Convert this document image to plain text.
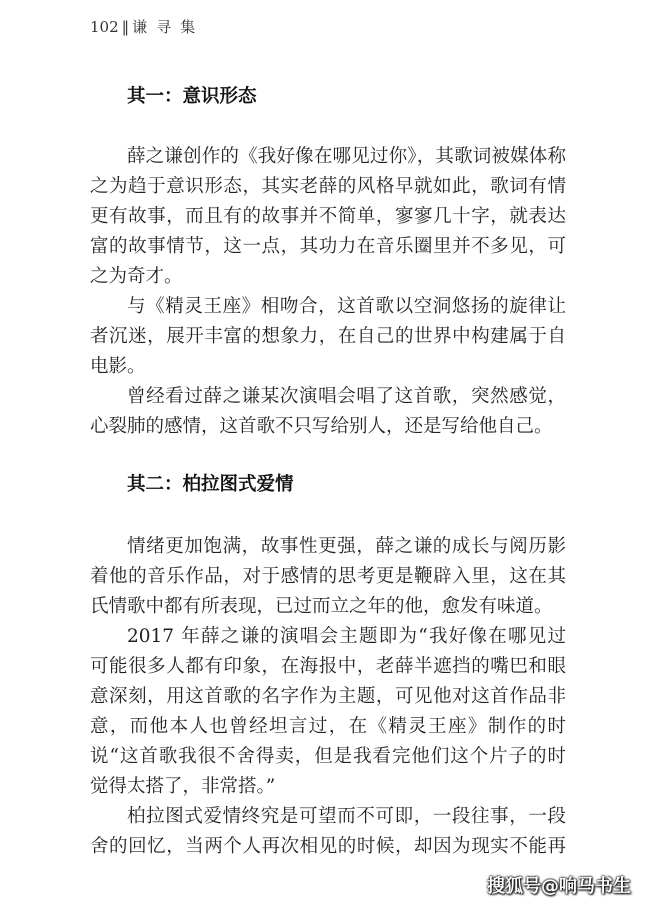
102 ‖ 谦寻集
其一：意识形态
薛之谦创作的《我好像在哪见过你》，其歌词被媒体称
之为趋于意识形态，其实老薛的风格早就如此，歌词有情
更有故事，而且有的故事并不简单，寥寥几十字，就表达
富的故事情节，这一点，其功力在音乐圈里并不多见，可
之为奇才。
与《精灵王座》相吻合，这首歌以空洞悠扬的旋律让
者沉迷，展开丰富的想象力，在自己的世界中构建属于自
电影。
曾经看过薛之谦某次演唱会唱了这首歌，突然感觉，
心裂肺的感情，这首歌不只写给别人，还是写给他自己。
其二：柏拉图式爱情
情绪更加饱满，故事性更强，薛之谦的成长与阅历影
着他的音乐作品，对于感情的思考更是鞭辟入里，这在其
氏情歌中都有所表现，已过而立之年的他，愈发有味道。
2017 年薛之谦的演唱会主题即为“我好像在哪见过
可能很多人都有印象，在海报中，老薛半遮挡的嘴巴和眼
意深刻，用这首歌的名字作为主题，可见他对这首作品非
意，而他本人也曾经坦言过，在《精灵王座》制作的时
说“这首歌我很不舍得卖，但是我看完他们这个片子的时
觉得太搭了，非常搭。”
柏拉图式爱情终究是可望而不可即，一段往事，一段
舍的回忆，当两个人再次相见的时候，却因为现实不能再
搜狐号@响马书生
